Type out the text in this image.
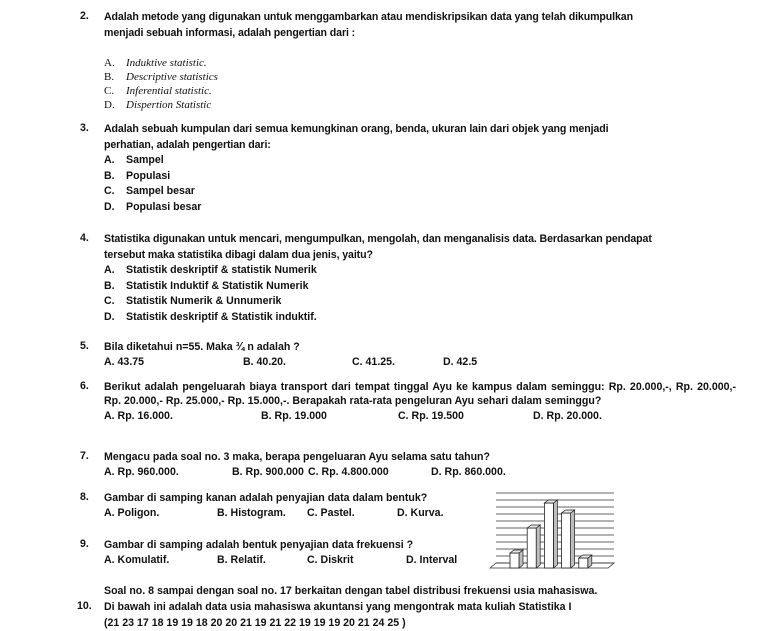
2.	Adalah metode yang digunakan untuk menggambarkan atau mendiskripsikan data yang telah dikumpulkan
menjadi sebuah informasi, adalah pengertian dari :
A.	Induktive statistic.
B.	Descriptive statistics
C.	Inferential statistic.
D.	Dispertion Statistic
3.	Adalah sebuah kumpulan dari semua kemungkinan orang, benda, ukuran lain dari objek yang menjadi
perhatian, adalah pengertian dari:
A.	Sampel
B.	Populasi
C.	Sampel besar
D.	Populasi besar
4.	Statistika digunakan untuk mencari, mengumpulkan, mengolah, dan menganalisis data. Berdasarkan pendapat
tersebut maka statistika dibagi dalam dua jenis, yaitu?
A.	Statistik deskriptif & statistik Numerik
B.	Statistik Induktif & Statistik Numerik
C.	Statistik Numerik & Unnumerik
D.	Statistik deskriptif & Statistik induktif.
5.	Bila diketahui n=55. Maka ¾ n adalah ?
A. 43.75	B. 40.20.	C. 41.25.	D. 42.5
6.	Berikut adalah pengeluarah biaya transport dari tempat tinggal Ayu ke kampus dalam seminggu: Rp. 20.000,-, Rp. 20.000,- Rp. 20.000,- Rp. 25.000,- Rp. 15.000,-. Berapakah rata-rata pengeluran Ayu sehari dalam seminggu?
A. Rp. 16.000.	B. Rp. 19.000	C. Rp. 19.500	D. Rp. 20.000.
7.	Mengacu pada soal no. 3 maka, berapa pengeluaran Ayu selama satu tahun?
A. Rp. 960.000.	B. Rp. 900.000 C. Rp. 4.800.000	D. Rp. 860.000.
8.	Gambar di samping kanan adalah penyajian data dalam bentuk?
A. Poligon.	B. Histogram. C. Pastel.	D. Kurva.
9.	Gambar di samping adalah bentuk penyajian data frekuensi ?
A. Komulatif.	B. Relatif.	C. Diskrit	D. Interval
Soal no. 8 sampai dengan soal no. 17 berkaitan dengan tabel distribusi frekuensi usia mahasiswa.
10.	Di bawah ini adalah data usia mahasiswa akuntansi yang mengontrak mata kuliah Statistika I
(21 23 17 18 19 19 18 20 20 21 19 21 22 19 19 19 20 21 24 25 )
